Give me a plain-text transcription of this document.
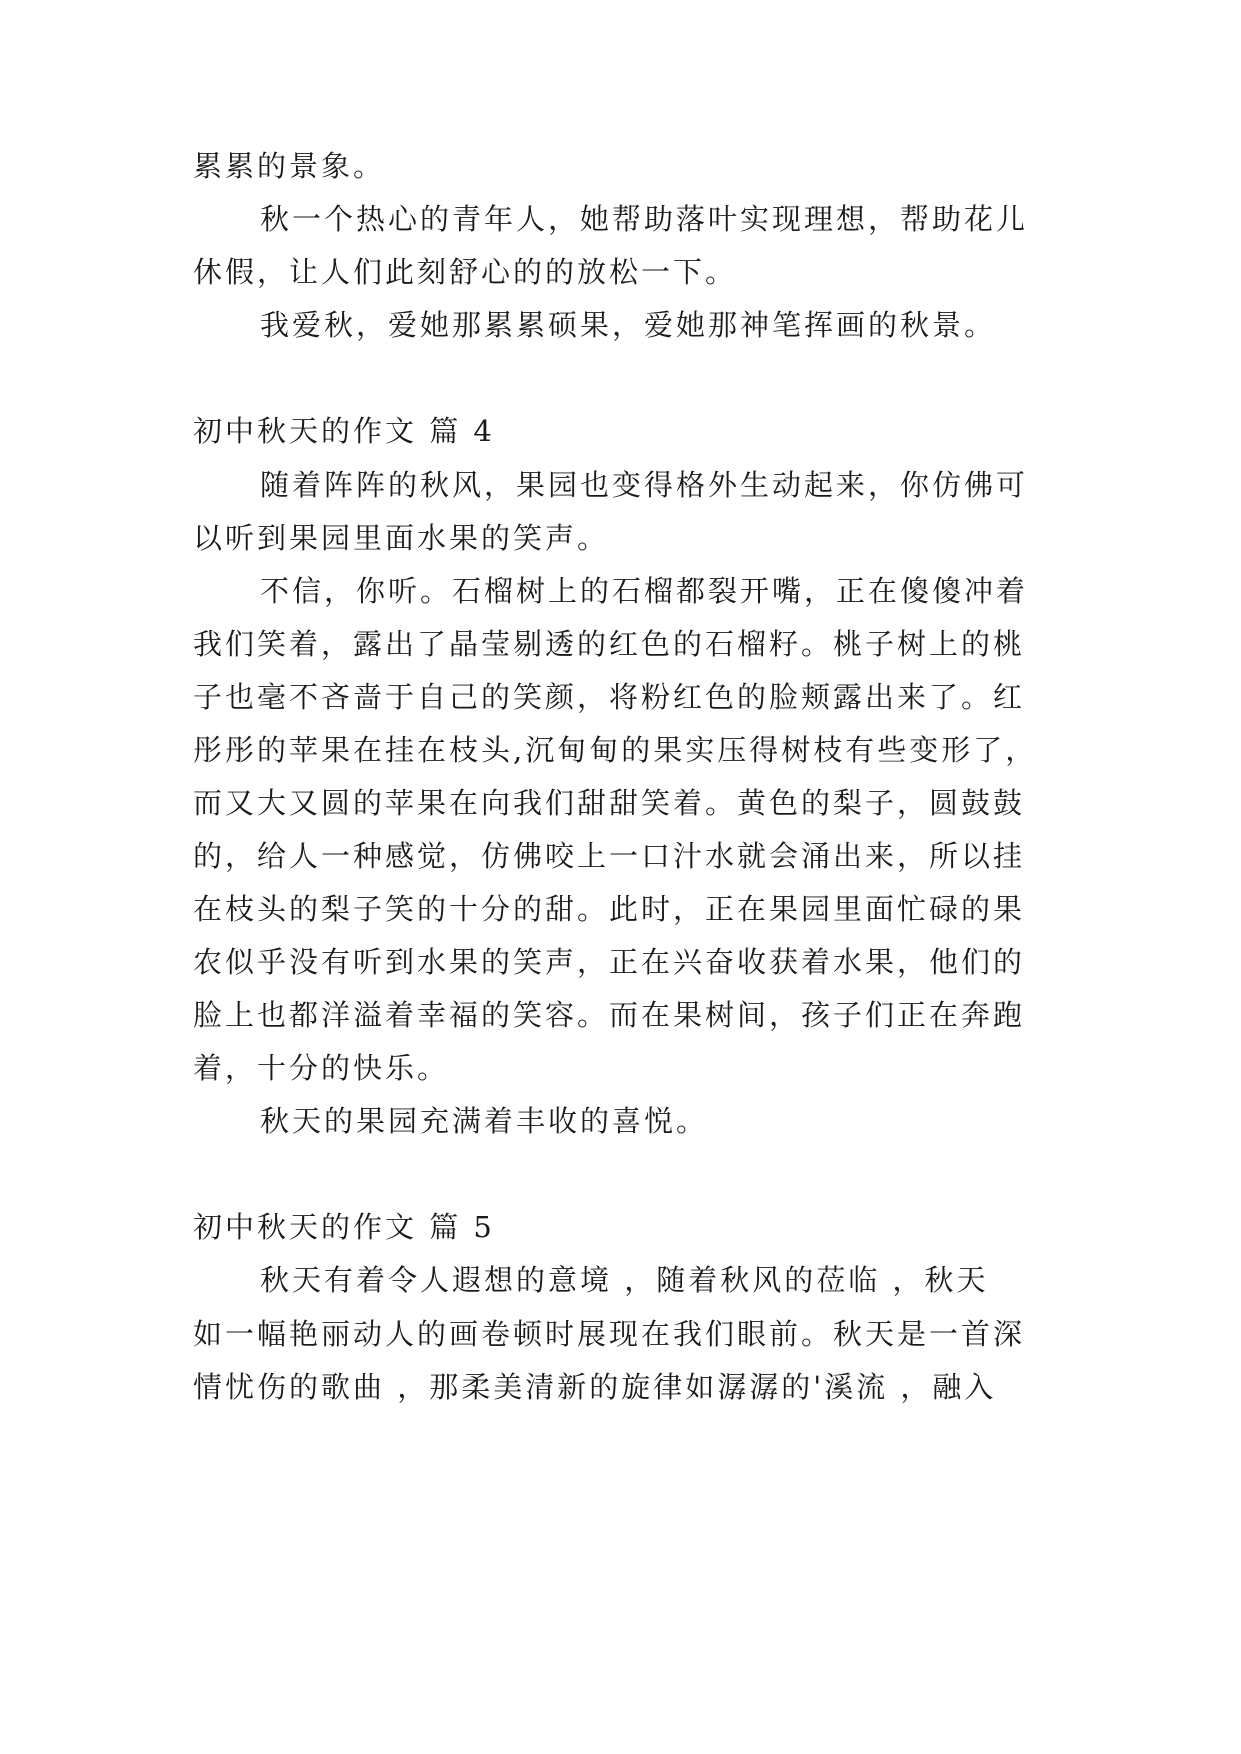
累累的景象。
秋一个热心的青年人，她帮助落叶实现理想，帮助花儿
休假，让人们此刻舒心的的放松一下。
我爱秋，爱她那累累硕果，爱她那神笔挥画的秋景。
初中秋天的作文 篇 4
随着阵阵的秋风，果园也变得格外生动起来，你仿佛可
以听到果园里面水果的笑声。
不信，你听。石榴树上的石榴都裂开嘴，正在傻傻冲着
我们笑着，露出了晶莹剔透的红色的石榴籽。桃子树上的桃
子也毫不吝啬于自己的笑颜，将粉红色的脸颊露出来了。红
彤彤的苹果在挂在枝头,沉甸甸的果实压得树枝有些变形了，
而又大又圆的苹果在向我们甜甜笑着。黄色的梨子，圆鼓鼓
的，给人一种感觉，仿佛咬上一口汁水就会涌出来，所以挂
在枝头的梨子笑的十分的甜。此时，正在果园里面忙碌的果
农似乎没有听到水果的笑声，正在兴奋收获着水果，他们的
脸上也都洋溢着幸福的笑容。而在果树间，孩子们正在奔跑
着，十分的快乐。
秋天的果园充满着丰收的喜悦。
初中秋天的作文 篇 5
秋天有着令人遐想的意境 ，随着秋风的莅临 ，秋天
如一幅艳丽动人的画卷顿时展现在我们眼前。秋天是一首深
情忧伤的歌曲 ，那柔美清新的旋律如潺潺的'溪流 ，融入
